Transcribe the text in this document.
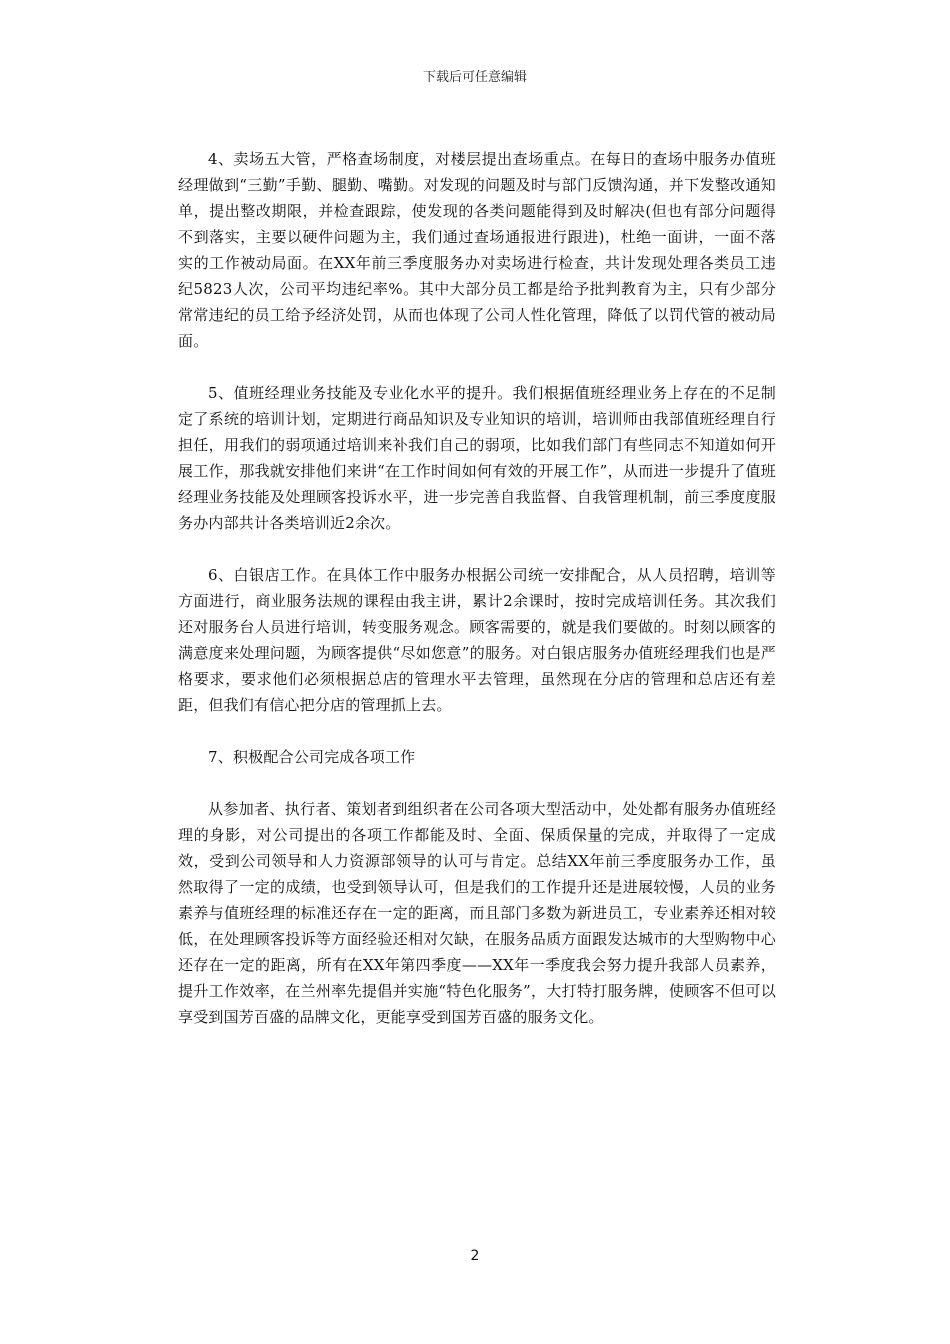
下载后可任意编辑

4、卖场五大管，严格查场制度，对楼层提出查场重点。在每日的查场中服务办值班经理做到“三勤”手勤、腿勤、嘴勤。对发现的问题及时与部门反馈沟通，并下发整改通知单，提出整改期限，并检查跟踪，使发现的各类问题能得到及时解决(但也有部分问题得不到落实，主要以硬件问题为主，我们通过查场通报进行跟进)，杜绝一面讲，一面不落实的工作被动局面。在XX年前三季度服务办对卖场进行检查，共计发现处理各类员工违纪5823人次，公司平均违纪率%。其中大部分员工都是给予批判教育为主，只有少部分常常违纪的员工给予经济处罚，从而也体现了公司人性化管理，降低了以罚代管的被动局面。

5、值班经理业务技能及专业化水平的提升。我们根据值班经理业务上存在的不足制定了系统的培训计划，定期进行商品知识及专业知识的培训，培训师由我部值班经理自行担任，用我们的弱项通过培训来补我们自己的弱项，比如我们部门有些同志不知道如何开展工作，那我就安排他们来讲“在工作时间如何有效的开展工作”，从而进一步提升了值班经理业务技能及处理顾客投诉水平，进一步完善自我监督、自我管理机制，前三季度度服务办内部共计各类培训近2余次。

6、白银店工作。在具体工作中服务办根据公司统一安排配合，从人员招聘，培训等方面进行，商业服务法规的课程由我主讲，累计2余课时，按时完成培训任务。其次我们还对服务台人员进行培训，转变服务观念。顾客需要的，就是我们要做的。时刻以顾客的满意度来处理问题，为顾客提供“尽如您意”的服务。对白银店服务办值班经理我们也是严格要求，要求他们必须根据总店的管理水平去管理，虽然现在分店的管理和总店还有差距，但我们有信心把分店的管理抓上去。

7、积极配合公司完成各项工作

从参加者、执行者、策划者到组织者在公司各项大型活动中，处处都有服务办值班经理的身影，对公司提出的各项工作都能及时、全面、保质保量的完成，并取得了一定成效，受到公司领导和人力资源部领导的认可与肯定。总结XX年前三季度服务办工作，虽然取得了一定的成绩，也受到领导认可，但是我们的工作提升还是进展较慢，人员的业务素养与值班经理的标准还存在一定的距离，而且部门多数为新进员工，专业素养还相对较低，在处理顾客投诉等方面经验还相对欠缺，在服务品质方面跟发达城市的大型购物中心还存在一定的距离，所有在XX年第四季度——XX年一季度我会努力提升我部人员素养，提升工作效率，在兰州率先提倡并实施“特色化服务”，大打特打服务牌，使顾客不但可以享受到国芳百盛的品牌文化，更能享受到国芳百盛的服务文化。

2
